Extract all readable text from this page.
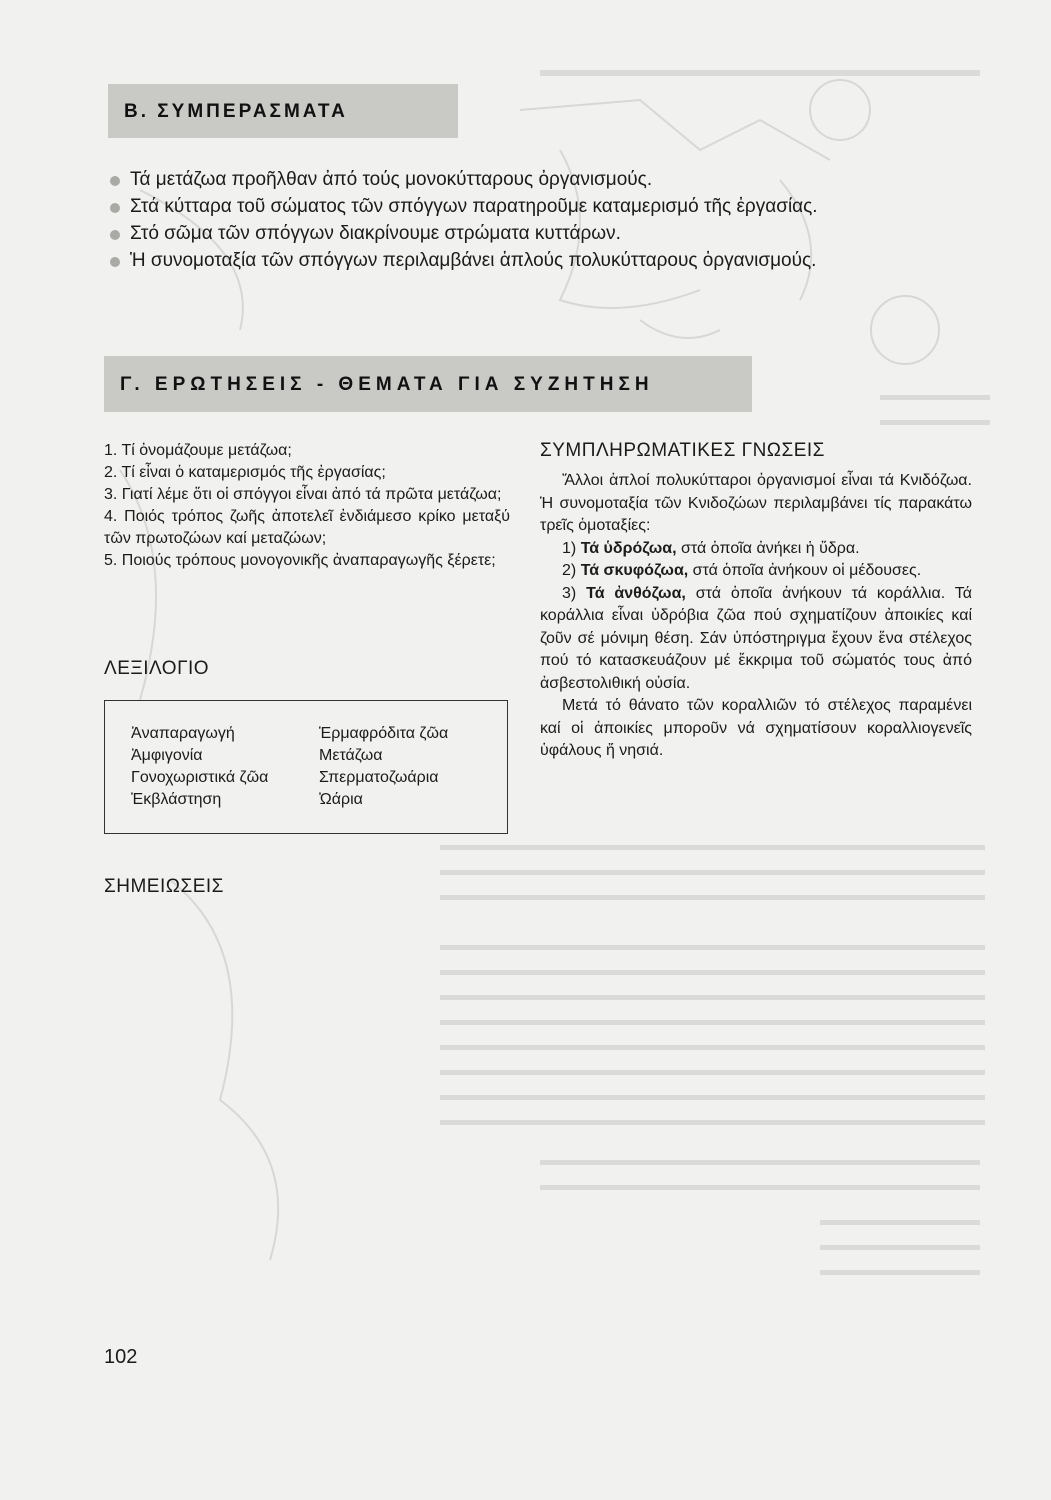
Β. ΣΥΜΠΕΡΑΣΜΑΤΑ
Τά μετάζωα προῆλθαν ἀπό τούς μονοκύτταρους ὀργανισμούς.
Στά κύτταρα τοῦ σώματος τῶν σπόγγων παρατηροῦμε καταμερισμό τῆς ἐργασίας.
Στό σῶμα τῶν σπόγγων διακρίνουμε στρώματα κυττάρων.
Ἡ συνομοταξία τῶν σπόγγων περιλαμβάνει ἁπλούς πολυκύτταρους ὀργανισμούς.
Γ. ΕΡΩΤΗΣΕΙΣ - ΘΕΜΑΤΑ ΓΙΑ ΣΥΖΗΤΗΣΗ
1. Τί ὀνομάζουμε μετάζωα;
2. Τί εἶναι ὁ καταμερισμός τῆς ἐργασίας;
3. Γιατί λέμε ὅτι οἱ σπόγγοι εἶναι ἀπό τά πρῶτα μετάζωα;
4. Ποιός τρόπος ζωῆς ἀποτελεῖ ἐνδιάμεσο κρίκο μεταξύ τῶν πρωτοζώων καί μεταζώων;
5. Ποιούς τρόπους μονογονικῆς ἀναπαραγωγῆς ξέρετε;
ΛΕΞΙΛΟΓΙΟ
Ἀναπαραγωγή
Ἀμφιγονία
Γονοχωριστικά ζῶα
Ἐκβλάστηση
Ἑρμαφρόδιτα ζῶα
Μετάζωα
Σπερματοζωάρια
Ὠάρια
ΣΗΜΕΙΩΣΕΙΣ
ΣΥΜΠΛΗΡΩΜΑΤΙΚΕΣ ΓΝΩΣΕΙΣ

Ἄλλοι ἁπλοί πολυκύτταροι ὀργανισμοί εἶναι τά Κνιδόζωα. Ἡ συνομοταξία τῶν Κνιδοζώων περιλαμβάνει τίς παρακάτω τρεῖς ὁμοταξίες:

1) Τά ὑδρόζωα, στά ὁποῖα ἀνήκει ἡ ὕδρα.

2) Τά σκυφόζωα, στά ὁποῖα ἀνήκουν οἱ μέδουσες.

3) Τά ἀνθόζωα, στά ὁποῖα ἀνήκουν τά κοράλλια. Τά κοράλλια εἶναι ὑδρόβια ζῶα πού σχηματίζουν ἀποικίες καί ζοῦν σέ μόνιμη θέση. Σάν ὑπόστηριγμα ἔχουν ἕνα στέλεχος πού τό κατασκευάζουν μέ ἔκκριμα τοῦ σώματός τους ἀπό ἀσβεστολιθική οὐσία.

Μετά τό θάνατο τῶν κοραλλιῶν τό στέλεχος παραμένει καί οἱ ἀποικίες μποροῦν νά σχηματίσουν κοραλλιογενεῖς ὑφάλους ἤ νησιά.

102
